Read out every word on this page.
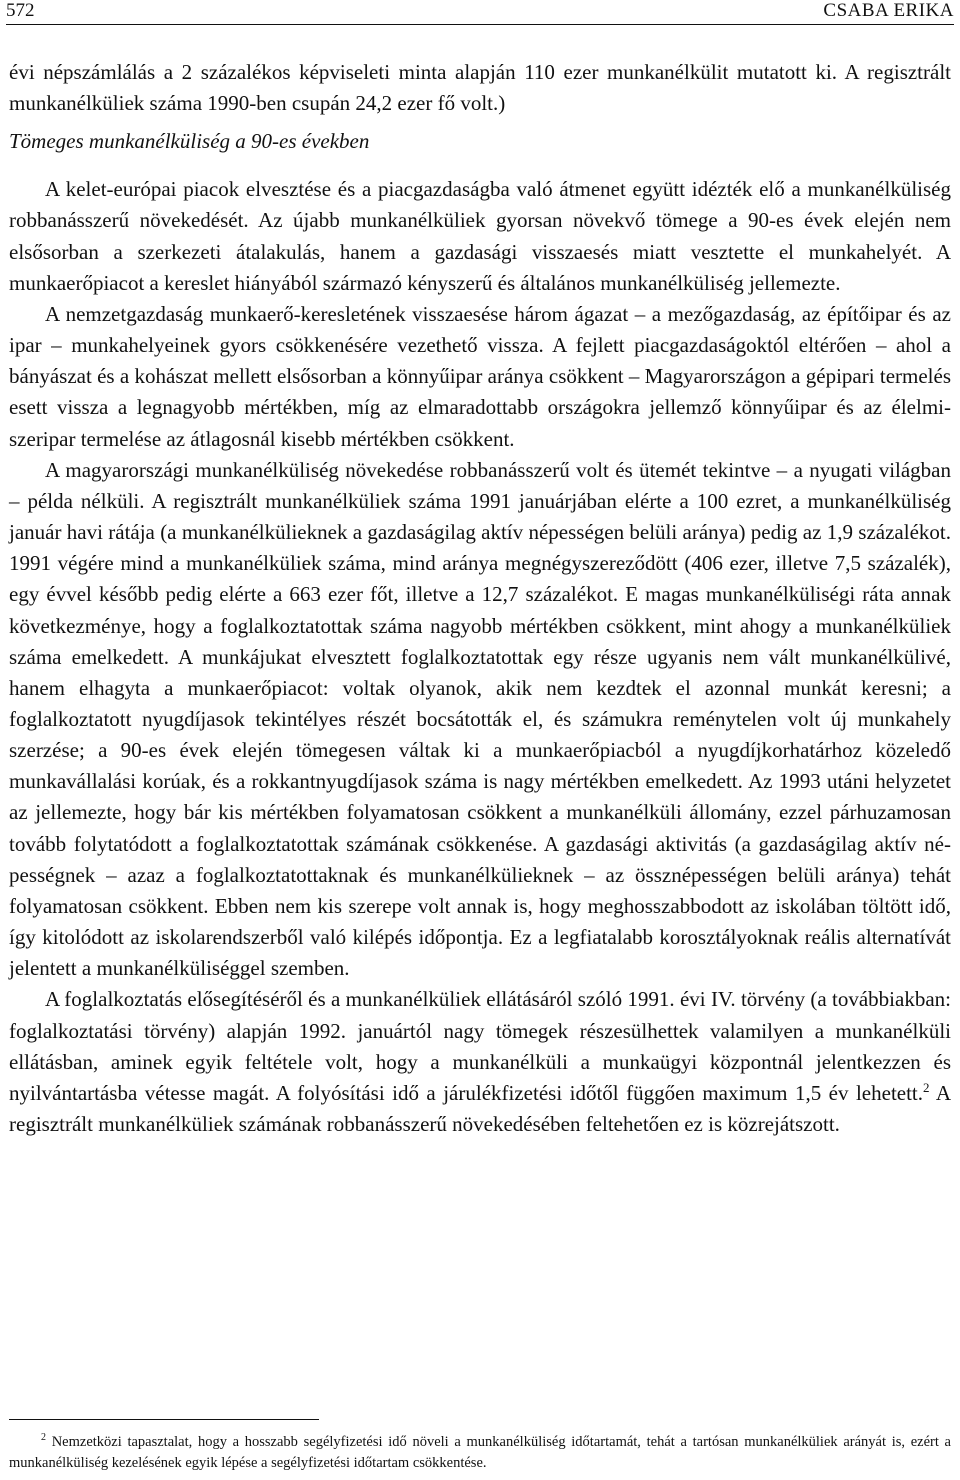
572	CSABA ERIKA

évi népszámlálás a 2 százalékos képviseleti minta alapján 110 ezer munkanélkülit mutatott ki. A regisztrált munkanélküliek száma 1990-ben csupán 24,2 ezer fő volt.)

Tömeges munkanélküliség a 90-es években

A kelet-európai piacok elvesztése és a piacgazdaságba való átmenet együtt idézték elő a munkanélküliség robbanásszerű növekedését. Az újabb munkanélküliek gyorsan növekvő tömege a 90-es évek elején nem elsősorban a szerkezeti átalakulás, hanem a gazdasági visszaesés miatt vesztette el munkahelyét. A munkaerőpiacot a kereslet hiányából származó kényszerű és általános munkanélküliség jellemezte.

A nemzetgazdaság munkaerő-keresletének visszaesése három ágazat – a mezőgazdaság, az építőipar és az ipar – munkahelyeinek gyors csökkenésére vezethető vissza. A fejlett piacgazdaságoktól eltérően – ahol a bányászat és a kohászat mellett elsősorban a könnyűipar aránya csökkent – Magyarországon a gépipari termelés esett vissza a legnagyobb mértékben, míg az elmaradottabb országokra jellemző könnyűipar és az élelmiszeripar termelése az átlagosnál kisebb mértékben csökkent.

A magyarországi munkanélküliség növekedése robbanásszerű volt és ütemét tekintve – a nyugati világban – példa nélküli. A regisztrált munkanélküliek száma 1991 januárjában elérte a 100 ezret, a munkanélküliség január havi rátája (a munkanélkülieknek a gazdaságilag aktív népességen belüli aránya) pedig az 1,9 százalékot. 1991 végére mind a munkanélküliek száma, mind aránya megnégyszereződött (406 ezer, illetve 7,5 százalék), egy évvel később pedig elérte a 663 ezer főt, illetve a 12,7 százalékot. E magas munkanélküliségi ráta annak következménye, hogy a foglalkoztatottak száma nagyobb mértékben csökkent, mint ahogy a munkanélküliek száma emelkedett. A munkájukat elvesztett foglalkoztatottak egy része ugyanis nem vált munkanélkülivé, hanem elhagyta a munkaerőpiacot: voltak olyanok, akik nem kezdtek el azonnal munkát keresni; a foglalkoztatott nyugdíjasok tekintélyes részét bocsátották el, és számukra reménytelen volt új munkahely szerzése; a 90-es évek elején tömegesen váltak ki a munkaerőpiacból a nyugdíjkorhatárhoz közeledő munkavállalási korúak, és a rokkantnyugdíjasok száma is nagy mértékben emelkedett. Az 1993 utáni helyzetet az jellemezte, hogy bár kis mértékben folyamatosan csökkent a munkanélküli állomány, ezzel párhuzamosan tovább folytatódott a foglalkoztatottak számának csökkenése. A gazdasági aktivitás (a gazdaságilag aktív népességnek – azaz a foglalkoztatottaknak és munkanélkülieknek – az össznépességen belüli aránya) tehát folyamatosan csökkent. Ebben nem kis szerepe volt annak is, hogy meghosszabbodott az iskolában töltött idő, így kitolódott az iskolarendszerből való kilépés időpontja. Ez a legfiatalabb korosztályoknak reális alternatívát jelentett a munkanélküliséggel szemben.

A foglalkoztatás elősegítéséről és a munkanélküliek ellátásáról szóló 1991. évi IV. törvény (a továbbiakban: foglalkoztatási törvény) alapján 1992. januártól nagy tömegek részesülhettek valamilyen a munkanélküli ellátásban, aminek egyik feltétele volt, hogy a munkanélküli a munkaügyi központnál jelentkezzen és nyilvántartásba vétesse magát. A folyósítási idő a járulékfizetési időtől függően maximum 1,5 év lehetett.$^2$ A regisztrált munkanélküliek számának robbanásszerű növekedésében feltehetően ez is közrejátszott.

$^2$ Nemzetközi tapasztalat, hogy a hosszabb segélyfizetési idő növeli a munkanélküliség időtartamát, tehát a tartósan munkanélküliek arányát is, ezért a munkanélküliség kezelésének egyik lépése a segélyfizetési időtartam csökkentése.
